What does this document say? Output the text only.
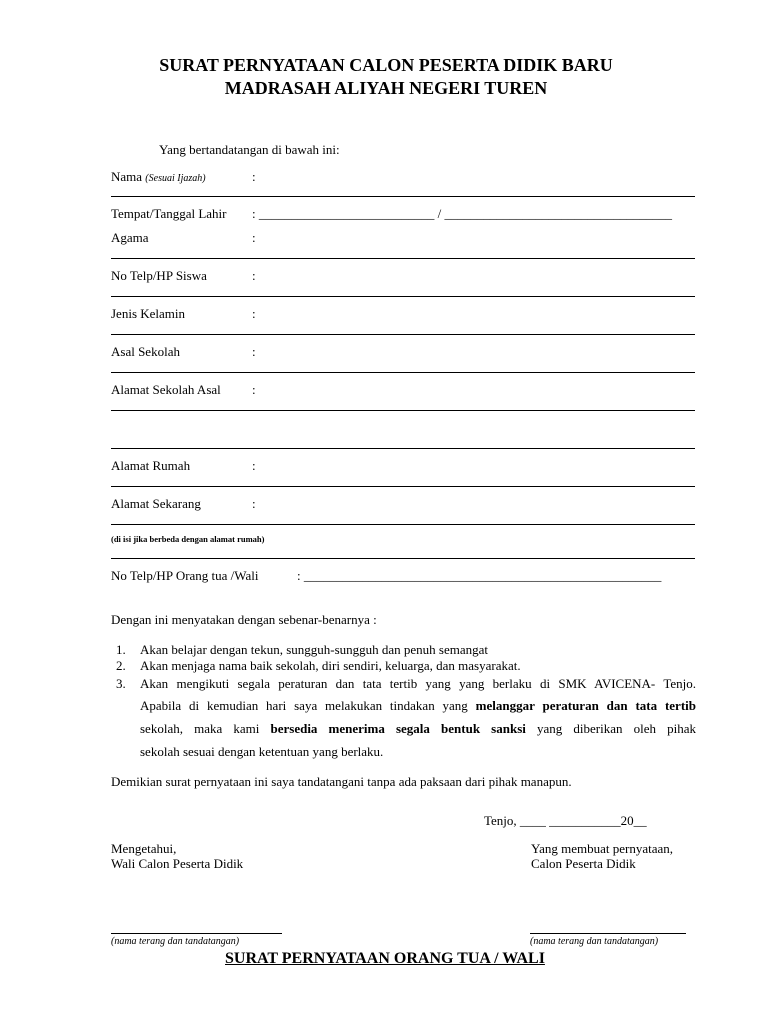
SURAT PERNYATAAN CALON PESERTA DIDIK BARU
MADRASAH ALIYAH NEGERI TUREN
Yang bertandatangan di bawah ini:
Nama (Sesuai Ijazah)	:
Tempat/Tanggal Lahir : ___________________________ / ___________________________________
Agama	:
No Telp/HP Siswa	:
Jenis Kelamin	:
Asal Sekolah	:
Alamat Sekolah Asal :
Alamat Rumah	:
Alamat Sekarang	:
(di isi jika berbeda dengan alamat rumah)
No Telp/HP Orang tua /Wali	: _______________________________________________________
Dengan ini menyatakan dengan sebenar-benarnya :
1. Akan belajar dengan tekun, sungguh-sungguh dan penuh semangat
2. Akan menjaga nama baik sekolah, diri sendiri, keluarga, dan masyarakat.
3. Akan mengikuti segala peraturan dan tata tertib yang yang berlaku di SMK AVICENA- Tenjo.
Apabila di kemudian hari saya melakukan tindakan yang melanggar peraturan dan tata tertib
sekolah, maka kami bersedia menerima segala bentuk sanksi yang diberikan oleh pihak
sekolah sesuai dengan ketentuan yang berlaku.
Demikian surat pernyataan ini saya tandatangani tanpa ada paksaan dari pihak manapun.
Tenjo, ____ ___________20__
Mengetahui,
Wali Calon Peserta Didik
Yang membuat pernyataan,
Calon Peserta Didik
(nama terang dan tandatangan)	(nama terang dan tandatangan)
SURAT PERNYATAAN ORANG TUA / WALI
